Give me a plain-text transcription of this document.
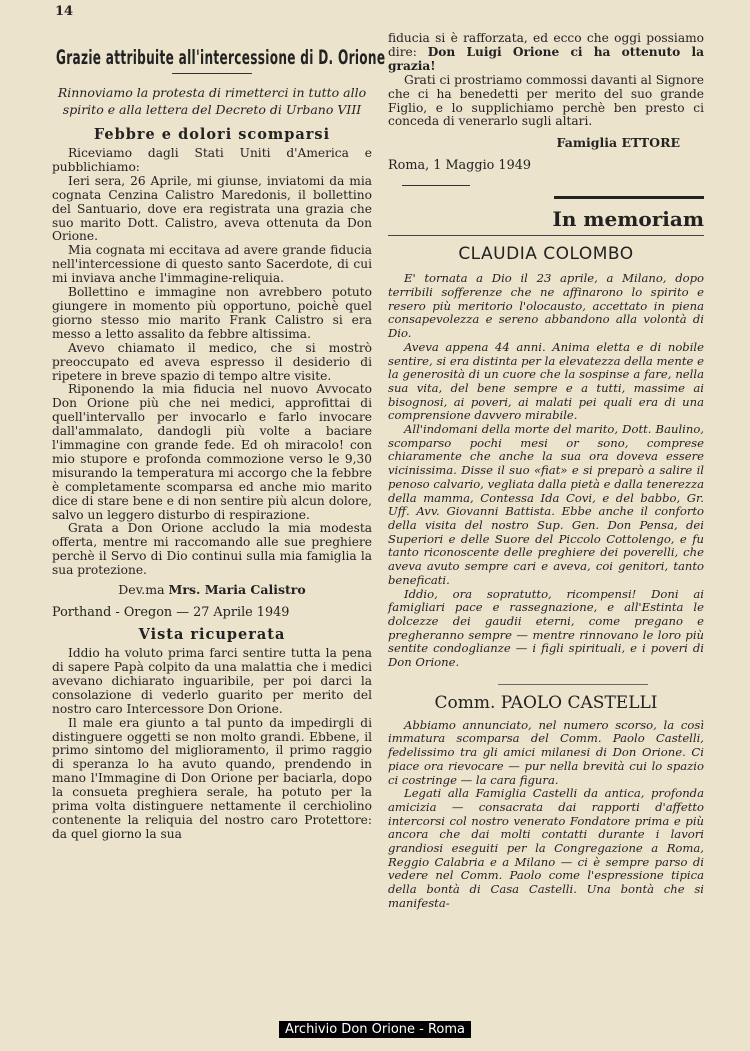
14
Grazie attribuite all'intercessione di D. Orione
Rinnoviamo la protesta di rimetterci in tutto allo spirito e alla lettera del Decreto di Urbano VIII
Febbre e dolori scomparsi

Riceviamo dagli Stati Uniti d'America e pubblichiamo:

Ieri sera, 26 Aprile, mi giunse, inviatomi da mia cognata Cenzina Calistro Maredonis, il bollettino del Santuario, dove era registrata una grazia che suo marito Dott. Calistro, aveva ottenuta da Don Orione.

Mia cognata mi eccitava ad avere grande fiducia nell'intercessione di questo santo Sacerdote, di cui mi inviava anche l'immagine-reliquia.

Bollettino e immagine non avrebbero potuto giungere in momento più opportuno, poichè quel giorno stesso mio marito Frank Calistro si era messo a letto assalito da febbre altissima.

Avevo chiamato il medico, che si mostrò preoccupato ed aveva espresso il desiderio di ripetere in breve spazio di tempo altre visite.

Riponendo la mia fiducia nel nuovo Avvocato Don Orione più che nei medici, approfittai di quell'intervallo per invocarlo e farlo invocare dall'ammalato, dandogli più volte a baciare l'immagine con grande fede. Ed oh miracolo! con mio stupore e profonda commozione verso le 9,30 misurando la temperatura mi accorgo che la febbre è completamente scomparsa ed anche mio marito dice di stare bene e di non sentire più alcun dolore, salvo un leggero disturbo di respirazione.

Grata a Don Orione accludo la mia modesta offerta, mentre mi raccomando alle sue preghiere perchè il Servo di Dio continui sulla mia famiglia la sua protezione.

Dev.ma Mrs. Maria Calistro
Porthand - Oregon — 27 Aprile 1949
Vista ricuperata

Iddio ha voluto prima farci sentire tutta la pena di sapere Papà colpito da una malattia che i medici avevano dichiarato inguaribile, per poi darci la consolazione di vederlo guarito per merito del nostro caro Intercessore Don Orione.

Il male era giunto a tal punto da impedirgli di distinguere oggetti se non molto grandi. Ebbene, il primo sintomo del miglioramento, il primo raggio di speranza lo ha avuto quando, prendendo in mano l'Immagine di Don Orione per baciarla, dopo la consueta preghiera serale, ha potuto per la prima volta distinguere nettamente il cerchiolino contenente la reliquia del nostro caro Protettore: da quel giorno la sua

fiducia si è rafforzata, ed ecco che oggi possiamo dire: Don Luigi Orione ci ha ottenuto la grazia!

Grati ci prostriamo commossi davanti al Signore che ci ha benedetti per merito del suo grande Figlio, e lo supplichiamo perchè ben presto ci conceda di venerarlo sugli altari.

Famiglia ETTORE
Roma, 1 Maggio 1949
In memoriam
CLAUDIA COLOMBO

E' tornata a Dio il 23 aprile, a Milano, dopo terribili sofferenze che ne affinarono lo spirito e resero più meritorio l'olocausto, accettato in piena consapevolezza e sereno abbandono alla volontà di Dio.

Aveva appena 44 anni. Anima eletta e di nobile sentire, si era distinta per la elevatezza della mente e la generosità di un cuore che la sospinse a fare, nella sua vita, del bene sempre e a tutti, massime ai bisognosi, ai poveri, ai malati pei quali era di una comprensione davvero mirabile.

All'indomani della morte del marito, Dott. Baulino, scomparso pochi mesi or sono, comprese chiaramente che anche la sua ora doveva essere vicinissima. Disse il suo «fiat» e si preparò a salire il penoso calvario, vegliata dalla pietà e dalla tenerezza della mamma, Contessa Ida Covi, e del babbo, Gr. Uff. Avv. Giovanni Battista. Ebbe anche il conforto della visita del nostro Sup. Gen. Don Pensa, dei Superiori e delle Suore del Piccolo Cottolengo, e fu tanto riconoscente delle preghiere dei poverelli, che aveva avuto sempre cari e aveva, coi genitori, tanto beneficati.

Iddio, ora sopratutto, ricompensi! Doni ai famigliari pace e rassegnazione, e all'Estinta le dolcezze dei gaudii eterni, come pregano e pregheranno sempre — mentre rinnovano le loro più sentite condoglianze — i figli spirituali, e i poveri di Don Orione.

Comm. PAOLO CASTELLI

Abbiamo annunciato, nel numero scorso, la così immatura scomparsa del Comm. Paolo Castelli, fedelissimo tra gli amici milanesi di Don Orione. Ci piace ora rievocare — pur nella brevità cui lo spazio ci costringe — la cara figura.

Legati alla Famiglia Castelli da antica, profonda amicizia — consacrata dai rapporti d'affetto intercorsi col nostro venerato Fondatore prima e più ancora che dai molti contatti durante i lavori grandiosi eseguiti per la Congregazione a Roma, Reggio Calabria e a Milano — ci è sempre parso di vedere nel Comm. Paolo come l'espressione tipica della bontà di Casa Castelli. Una bontà che si manifesta-

Archivio Don Orione - Roma
